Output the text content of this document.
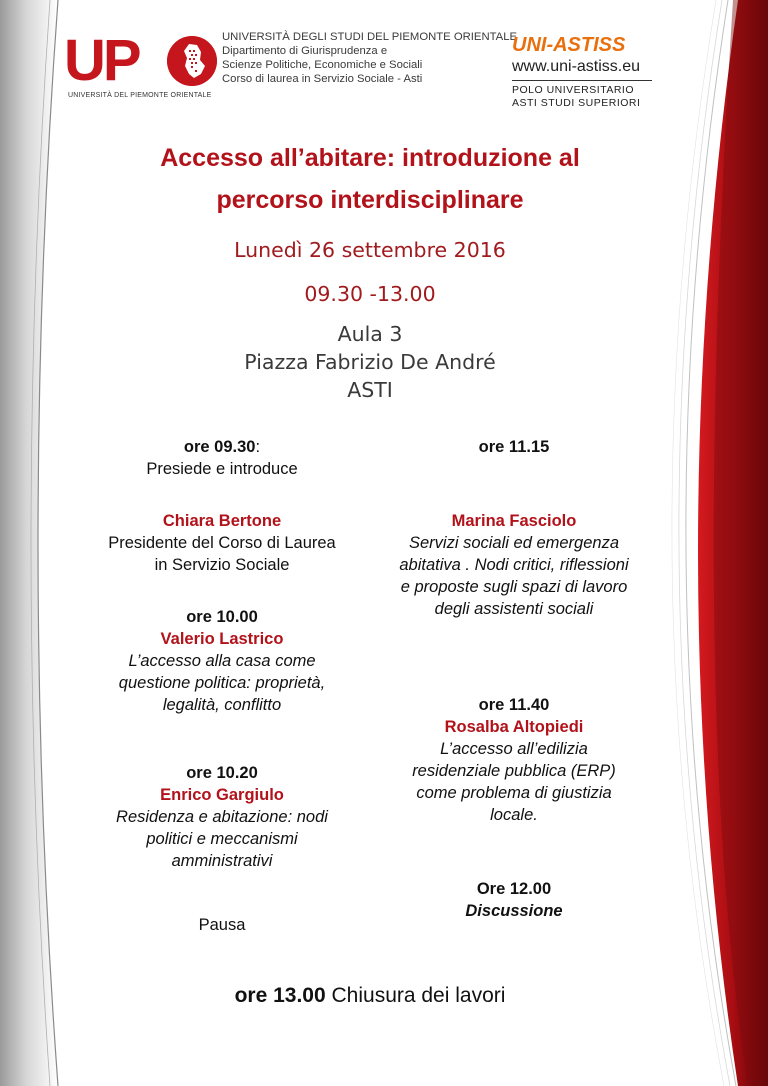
UP
UNIVERSITÀ DEL PIEMONTE ORIENTALE
UNIVERSITÀ DEGLI STUDI DEL PIEMONTE ORIENTALE
Dipartimento di Giurisprudenza e
Scienze Politiche, Economiche e Sociali
Corso di laurea in Servizio Sociale - Asti
UNI-ASTISS
www.uni-astiss.eu
POLO UNIVERSITARIO
ASTI STUDI SUPERIORI
Accesso all’abitare: introduzione al
percorso interdisciplinare
Lunedì 26 settembre 2016
09.30 -13.00
Aula 3
Piazza Fabrizio De André
ASTI
ore 09.30:
Presiede e introduce
Chiara Bertone
Presidente del Corso di Laurea
in Servizio Sociale
ore 10.00
Valerio Lastrico
L’accesso alla casa come
questione politica: proprietà,
legalità, conflitto
ore 10.20
Enrico Gargiulo
Residenza e abitazione: nodi
politici e meccanismi
amministrativi
Pausa
ore 11.15
Marina Fasciolo
Servizi sociali ed emergenza
abitativa . Nodi critici, riflessioni
e proposte sugli spazi di lavoro
degli assistenti sociali
ore 11.40
Rosalba Altopiedi
L’accesso all’edilizia
residenziale pubblica (ERP)
come problema di giustizia
locale.
Ore 12.00
Discussione
ore 13.00 Chiusura dei lavori
